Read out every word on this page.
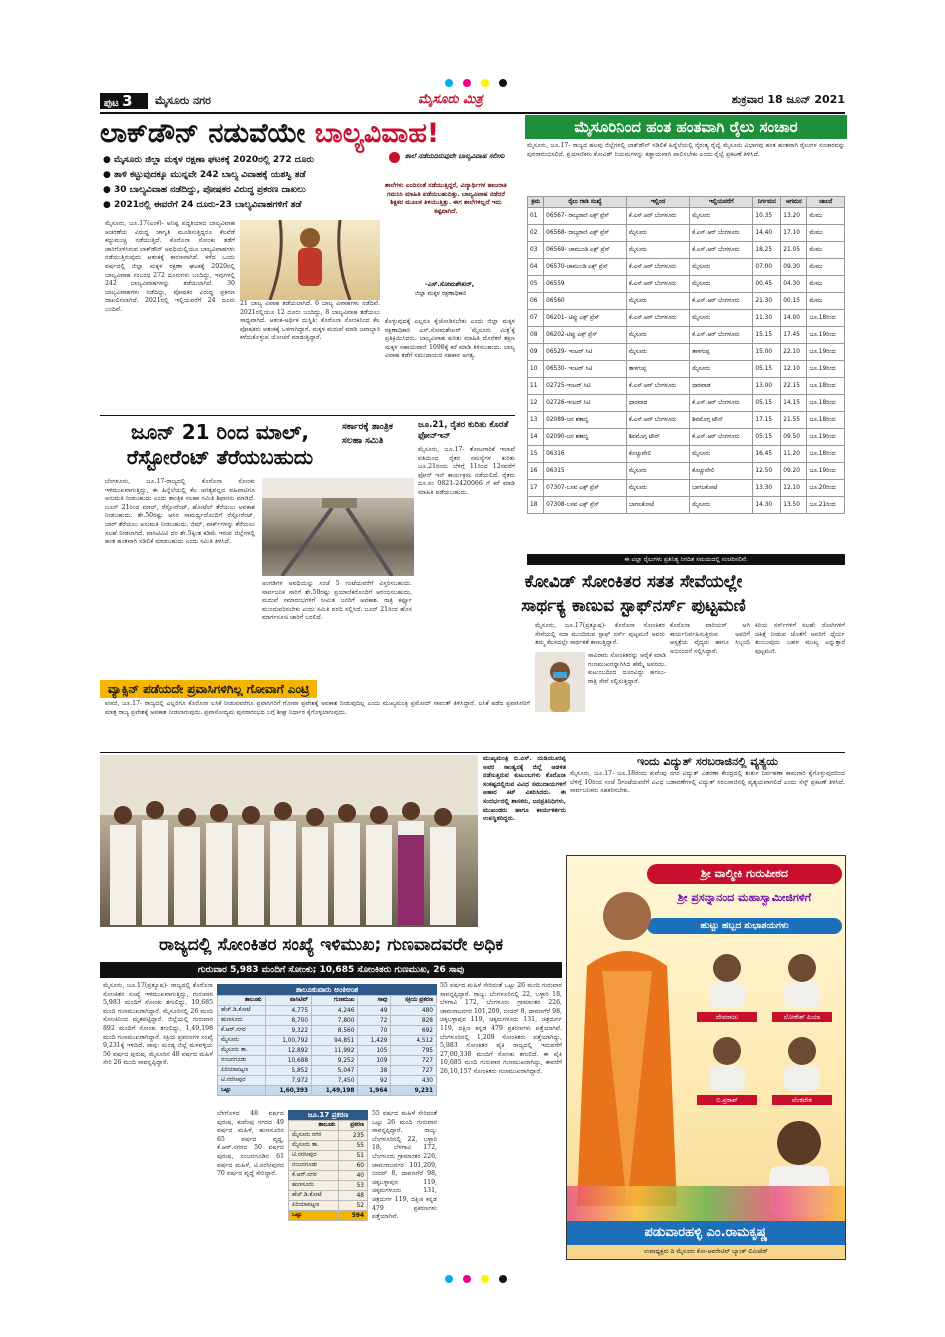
ಪುಟ 3	ಮೈಸೂರು ನಗರ	ಮೈಸೂರು ಮಿತ್ರ	ಶುಕ್ರವಾರ 18 ಜೂನ್ 2021
ಲಾಕ್‌ಡೌನ್ ನಡುವೆಯೇ ಬಾಲ್ಯವಿವಾಹ!
● ಮೈಸೂರು ಜಿಲ್ಲಾ ಮಕ್ಕಳ ರಕ್ಷಣಾ ಘಟಕಕ್ಕೆ 2020ರಲ್ಲಿ 272 ದೂರು
● ತಾಳಿ ಕಟ್ಟುವುದಕ್ಕೂ ಮುನ್ನವೇ 242 ಬಾಲ್ಯ ವಿವಾಹಕ್ಕೆ ಯಶಸ್ವಿ ತಡೆ
● 30 ಬಾಲ್ಯವಿವಾಹ ನಡೆದಿದ್ದು, ಪೋಷಕರ ವಿರುದ್ಧ ಪ್ರಕರಣ ದಾಖಲು
● 2021ರಲ್ಲಿ ಈವರೆಗೆ 24 ದೂರು-23 ಬಾಲ್ಯವಿವಾಹಗಳಿಗೆ ತಡೆ
ಮೈಸೂರು, ಜೂ.17(ಎಂಕೆ)- ಅನಿಷ್ಟ ಪದ್ಧತಿಯಾದ ಬಾಲ್ಯವಿವಾಹ ಆಚರಣೆಯ ವಿರುದ್ಧ ಜಾಗೃತಿ ಮೂಡಿಸುತ್ತಿದ್ದರೂ ಕೆಲವೆಡೆ ಕದ್ದುಮುಚ್ಚಿ ನಡೆಯುತ್ತಿದೆ. ಕೊರೊನಾ ಸೋಂಕು ತಡೆಗೆ ಜಾರಿಗೊಳಿಸಿರುವ ಲಾಕ್‌ಡೌನ್ ಅವಧಿಯಲ್ಲಿಯೂ ಬಾಲ್ಯವಿವಾಹಗಳು ನಡೆಯುತ್ತಿರುವುದು ಆತಂಕಕ್ಕೆ ಕಾರಣವಾಗಿದೆ. ಕಳೆದ ಒಂದು ವರ್ಷದಲ್ಲಿ ಜಿಲ್ಲಾ ಮಕ್ಕಳ ರಕ್ಷಣಾ ಘಟಕಕ್ಕೆ 2020ರಲ್ಲಿ ಬಾಲ್ಯವಿವಾಹ ಸಂಬಂಧ 272 ದೂರುಗಳು ಬಂದಿದ್ದು, ಇವುಗಳಲ್ಲಿ 242 ಬಾಲ್ಯವಿವಾಹಗಳನ್ನು ತಡೆಯಲಾಗಿದೆ. 30 ಬಾಲ್ಯವಿವಾಹಗಳು ನಡೆದಿದ್ದು, ಪೋಷಕರ ವಿರುದ್ಧ ಪ್ರಕರಣ ದಾಖಲಿಸಲಾಗಿದೆ. 2021ರಲ್ಲಿ ಇಲ್ಲಿಯವರೆಗೆ 24 ದೂರು ಬಂದಿವೆ.
21 ಬಾಲ್ಯ ವಿವಾಹ ತಡೆಯಲಾಗಿದೆ. 6 ಬಾಲ್ಯ ವಿವಾಹಗಳು ನಡೆದಿವೆ. 2021ರಲ್ಲಿಯೂ 12 ದೂರು ಬಂದಿದ್ದು, 8 ಬಾಲ್ಯವಿವಾಹ ತಡೆಯಲು ಸಾಧ್ಯವಾಗಿದೆ. ಆತಂಕ-ಅರ್ಥಿಕ ದುಸ್ಥಿತಿ: ಕೊರೊನಾ ಸೋಂಕಿನಿಂದ ಕೆಲ ಪೋಷಕರು ಆತಂಕಕ್ಕೆ ಒಳಗಾಗಿದ್ದಾರೆ. ಮಕ್ಕಳ ಮದುವೆ ಮಾಡಿ ಜವಾಬ್ದಾರಿ ಕಳೆದುಕೊಳ್ಳುವ ಯೋಚನೆ ಮಾಡುತ್ತಿದ್ದಾರೆ.
ಶಾಲೆ ನಡೆಯದಿರುವುದೇ ಬಾಲ್ಯವಿವಾಹ ಸಲೀಸು
ಶಾಲೆಗಳು ಎಂದಿನಂತೆ ನಡೆಯುತ್ತಿದ್ದರೆ, ವಿದ್ಯಾರ್ಥಿಗಳ ಹಾಜರಾತಿ ಗಮನಿಸಿ ಮಾಹಿತಿ ಪಡೆಯಬಹುದಿತ್ತು. ಬಾಲ್ಯವಿವಾಹ ನಡೆದರೆ ಶಿಕ್ಷಕರ ಮೂಲಕ ತಿಳಿಯುತ್ತಿತ್ತು. ಈಗ ಶಾಲೆಗಳಿಲ್ಲದೆ ಇದು ಕಷ್ಟವಾಗಿದೆ.
-ಎಸ್.ಸೋಮಶೇಖರ್,
ಜಿಲ್ಲಾ ಮಕ್ಕಳ ರಕ್ಷಣಾಧಿಕಾರಿ
ಕೊಳ್ಳುವುದಕ್ಕೆ ಎಲ್ಲರೂ ಕೈಜೋಡಿಸಬೇಕು ಎಂದು ಜಿಲ್ಲಾ ಮಕ್ಕಳ ರಕ್ಷಣಾಧಿಕಾರಿ ಎಸ್.ಸೋಮಶೇಖರ್ 'ಮೈಸೂರು ಮಿತ್ರ'ಕ್ಕೆ ಪ್ರತಿಕ್ರಿಯಿಸಿದರು. ಬಾಲ್ಯವಿವಾಹ ಕುರಿತು ಮಾಹಿತಿ ದೊರೆತರೆ ತಕ್ಷಣ ಮಕ್ಕಳ ಸಹಾಯವಾಣಿ 1098ಕ್ಕೆ ಕರೆ ಮಾಡಿ ತಿಳಿಸಬಹುದು. ಬಾಲ್ಯ ವಿವಾಹ ತಡೆಗೆ ಸಮುದಾಯದ ಸಹಕಾರ ಅಗತ್ಯ.
ಜೂನ್ 21 ರಿಂದ ಮಾಲ್,
ರೆಸ್ಟೋರೆಂಟ್ ತೆರೆಯಬಹುದು
ಸರ್ಕಾರಕ್ಕೆ ತಾಂತ್ರಿಕ ಸಲಹಾ ಸಮಿತಿ
ಬೆಂಗಳೂರು, ಜೂ.17-ರಾಜ್ಯದಲ್ಲಿ ಕೊರೊನಾ ಸೋಂಕು ಇಳಿಮುಖವಾಗುತ್ತಿದ್ದು, ಈ ಹಿನ್ನೆಲೆಯಲ್ಲಿ ಕೆಲ ಅಗತ್ಯವಲ್ಲದ ವಹಿವಾಟಿಗೂ ಅನುಮತಿ ನೀಡಬಹುದು ಎಂದು ತಾಂತ್ರಿಕ ಸಲಹಾ ಸಮಿತಿ ಶಿಫಾರಸು ಮಾಡಿದೆ. ಜೂನ್ 21ರಿಂದ ಮಾಲ್, ರೆಸ್ಟೋರೆಂಟ್, ಹೋಟೆಲ್ ತೆರೆಯಲು ಅವಕಾಶ ನೀಡಬಹುದು. ಶೇ.50ರಷ್ಟು ಆಸನ ಸಾಮರ್ಥ್ಯದೊಂದಿಗೆ ರೆಸ್ಟೋರೆಂಟ್, ಬಾರ್ ತೆರೆಯಲು ಅನುಮತಿ ನೀಡಬಹುದು. ಜಿಮ್, ಪಾರ್ಕ್‌ಗಳನ್ನು ತೆರೆಯಲು ಸಲಹೆ ನೀಡಲಾಗಿದೆ. ಪಾಸಿಟಿವಿಟಿ ದರ ಶೇ.5ಕ್ಕಿಂತ ಕಡಿಮೆ ಇರುವ ಜಿಲ್ಲೆಗಳಲ್ಲಿ ಹಂತ ಹಂತವಾಗಿ ಸಡಿಲಿಕೆ ಮಾಡಬಹುದು ಎಂದು ಸಮಿತಿ ತಿಳಿಸಿದೆ.
ಅಂಗಡಿಗಳ ಅವಧಿಯನ್ನು ಸಂಜೆ 5 ಗಂಟೆಯವರೆಗೆ ವಿಸ್ತರಿಸಬಹುದು. ಸಾರ್ವಜನಿಕ ಸಾರಿಗೆ ಶೇ.50ರಷ್ಟು ಪ್ರಯಾಣಿಕರೊಂದಿಗೆ ಆರಂಭಿಸಬಹುದು. ಮದುವೆ ಸಮಾರಂಭಗಳಿಗೆ ಸೀಮಿತ ಜನರಿಗೆ ಅವಕಾಶ. ರಾತ್ರಿ ಕರ್ಫ್ಯೂ ಮುಂದುವರಿಸಬೇಕು ಎಂದು ಸಮಿತಿ ವರದಿ ಸಲ್ಲಿಸಿದೆ. ಜೂನ್ 21ರಿಂದ ಹೊಸ ಮಾರ್ಗಸೂಚಿ ಜಾರಿಗೆ ಬರಲಿದೆ.
ಜೂ.21, ರೈತರ ಕುರಿತು ಕೊರತೆ ಫೋನ್‌ಇನ್
ಮೈಸೂರು, ಜೂ.17- ತೋಟಗಾರಿಕೆ ಇಲಾಖೆ ವತಿಯಿಂದ ರೈತರ ಸಮಸ್ಯೆಗಳ ಕುರಿತು ಜೂ.21ರಂದು ಬೆಳಿಗ್ಗೆ 11ರಿಂದ 12ರವರೆಗೆ ಫೋನ್ ಇನ್ ಕಾರ್ಯಕ್ರಮ ನಡೆಯಲಿದೆ. ರೈತರು ದೂ.ಸಂ 0821-2420066 ಗೆ ಕರೆ ಮಾಡಿ ಮಾಹಿತಿ ಪಡೆಯಬಹುದು.
ಮೈಸೂರಿನಿಂದ ಹಂತ ಹಂತವಾಗಿ ರೈಲು ಸಂಚಾರ
ಮೈಸೂರು, ಜೂ.17- ರಾಜ್ಯದ ಹಲವು ಜಿಲ್ಲೆಗಳಲ್ಲಿ ಲಾಕ್‌ಡೌನ್ ಸಡಿಲಿಕೆ ಹಿನ್ನೆಲೆಯಲ್ಲಿ ನೈರುತ್ಯ ರೈಲ್ವೆ ಮೈಸೂರು ವಿಭಾಗವು ಹಂತ ಹಂತವಾಗಿ ರೈಲುಗಳ ಸಂಚಾರವನ್ನು ಪುನರಾರಂಭಿಸಲಿದೆ. ಪ್ರಯಾಣಿಕರು ಕೋವಿಡ್ ನಿಯಮಗಳನ್ನು ಕಡ್ಡಾಯವಾಗಿ ಪಾಲಿಸಬೇಕು ಎಂದು ರೈಲ್ವೆ ಪ್ರಕಟಣೆ ತಿಳಿಸಿದೆ.
ಕ್ರಮ	ರೈಲು ಗಾಡಿ ಸಂಖ್ಯೆ	ಇಲ್ಲಿಂದ	ಇಲ್ಲಿಯವರೆಗೆ	ನಿರ್ಗಮನ	ಆಗಮನ	ಚಾಲನೆ
01	06567- ರಾಜ್ಯರಾಣಿ ಎಕ್ಸ್ ಪ್ರೆಸ್	ಕೆ.ಎಸ್.ಆರ್ ಬೆಂಗಳೂರು	ಮೈಸೂರು	10.35	13.20	ಮೆಮು
02	06568- ರಾಜ್ಯರಾಣಿ ಎಕ್ಸ್ ಪ್ರೆಸ್	ಮೈಸೂರು	ಕೆ.ಎಸ್.ಆರ್ ಬೆಂಗಳೂರು	14.40	17.10	ಮೆಮು
03	06569- ಚಾಮುಂಡಿ ಎಕ್ಸ್ ಪ್ರೆಸ್	ಮೈಸೂರು	ಕೆ.ಎಸ್.ಆರ್ ಬೆಂಗಳೂರು	18.25	21.05	ಮೆಮು
04	06570-ಚಾಮುಂಡಿ ಎಕ್ಸ್ ಪ್ರೆಸ್	ಕೆ.ಎಸ್.ಆರ್ ಬೆಂಗಳೂರು	ಮೈಸೂರು	07.00	09.30	ಮೆಮು
05	06559	ಕೆ.ಎಸ್.ಆರ್ ಬೆಂಗಳೂರು	ಮೈಸೂರು	00.45	04.30	ಮೆಮು
06	06560	ಮೈಸೂರು	ಕೆ.ಎಸ್.ಆರ್ ಬೆಂಗಳೂರು	21.30	00.15	ಮೆಮು
07	06201- ಟಿಪ್ಪು ಎಕ್ಸ್ ಪ್ರೆಸ್	ಕೆ.ಎಸ್.ಆರ್ ಬೆಂಗಳೂರು	ಮೈಸೂರು	11.30	14.00	ಜೂ.18ರಿಂದ
08	06202-ಟಿಪ್ಪು ಎಕ್ಸ್ ಪ್ರೆಸ್	ಮೈಸೂರು	ಕೆ.ಎಸ್.ಆರ್ ಬೆಂಗಳೂರು	15.15	17.45	ಜೂ.19ರಿಂದ
09	06529- ಇಂಟರ್ ಸಿಟಿ	ಮೈಸೂರು	ತಾಳಗುಪ್ಪ	15.00	22.10	ಜೂ.19ರಿಂದ
10	06530- ಇಂಟರ್ ಸಿಟಿ	ತಾಳಗುಪ್ಪ	ಮೈಸೂರು	05.15	12.10	ಜೂ.19ರಿಂದ
11	02725-ಇಂಟರ್ ಸಿಟಿ	ಕೆ.ಎಸ್.ಆರ್ ಬೆಂಗಳೂರು	ಧಾರವಾಡ	13.00	22.15	ಜೂ.18ರಿಂದ
12	02726-ಇಂಟರ್ ಸಿಟಿ	ಧಾರವಾಡ	ಕೆ.ಎಸ್.ಆರ್ ಬೆಂಗಳೂರು	05.15	14.15	ಜೂ.18ರಿಂದ
13	02089-ಜನ ಶತಾಬ್ದಿ	ಕೆ.ಎಸ್.ಆರ್ ಬೆಂಗಳೂರು	ಶಿವಮೊಗ್ಗ ಟೌನ್	17.15	21.55	ಜೂ.18ರಿಂದ
14	02090-ಜನ ಶತಾಬ್ದಿ	ಶಿವಮೊಗ್ಗ ಟೌನ್	ಕೆ.ಎಸ್.ಆರ್ ಬೆಂಗಳೂರು	05.15	09.50	ಜೂ.19ರಿಂದ
15	06316	ಕೊಚ್ಚುವೇಲಿ	ಮೈಸೂರು	16.45	11.20	ಜೂ.18ರಿಂದ
16	06315	ಮೈಸೂರು	ಕೊಚ್ಚುವೇಲಿ	12.50	09.20	ಜೂ.19ರಿಂದ
17	07307-ಬಸವ ಎಕ್ಸ್ ಪ್ರೆಸ್	ಮೈಸೂರು	ಬಾಗಲಕೋಟೆ	13.30	12.10	ಜೂ.20ರಿಂದ
18	07308-ಬಸವ ಎಕ್ಸ್ ಪ್ರೆಸ್	ಬಾಗಲಕೋಟೆ	ಮೈಸೂರು	14.30	13.50	ಜೂ.21ರಿಂದ
ಈ ಎಲ್ಲಾ ರೈಲುಗಳು ಪ್ರತಿನಿತ್ಯ ನಿಗದಿತ ಸಮಯದಲ್ಲಿ ಸಂಚರಿಸಲಿವೆ.
ಕೋವಿಡ್ ಸೋಂಕಿತರ ಸತತ ಸೇವೆಯಲ್ಲೇ
ಸಾರ್ಥಕ್ಯ ಕಾಣುವ ಸ್ಟಾಫ್‌ನರ್ಸ್ ಪುಟ್ಟಮಣಿ
ಮೈಸೂರು, ಜೂ.17(ಪ್ರತ್ಯೂಷ)- ಕೊರೊನಾ ಸೋಂಕಿತರ ಸೇವೆಯಲ್ಲಿ ಸದಾ ಮುಂದಿರುವ ಸ್ಟಾಫ್ ನರ್ಸ್ ಪುಟ್ಟಮಣಿ ಅವರು ತಮ್ಮ ಕೆಲಸದಲ್ಲೇ ಸಾರ್ಥಕತೆ ಕಾಣುತ್ತಿದ್ದಾರೆ.
ಸಾವಿರಾರು ಸೋಂಕಿತರನ್ನು ಆರೈಕೆ ಮಾಡಿ ಗುಣಮುಖರನ್ನಾಗಿಸಿದ ಹೆಮ್ಮೆ ಅವರದು. ಕುಟುಂಬದಿಂದ ದೂರವಿದ್ದು ಹಗಲು-ರಾತ್ರಿ ಸೇವೆ ಸಲ್ಲಿಸುತ್ತಿದ್ದಾರೆ.
ಕೊರೊನಾ ವಾರಿಯರ್ ಆಗಿ ಕಾರ್ಯನಿರ್ವಹಿಸುತ್ತಿರುವ ಅವರಿಗೆ ಆಸ್ಪತ್ರೆಯ ವೈದ್ಯರು ಹಾಗೂ ಸಿಬ್ಬಂದಿ ಅಭಿನಂದನೆ ಸಲ್ಲಿಸಿದ್ದಾರೆ.
ಕಿರಿಯ ನರ್ಸ್‌ಗಳಿಗೆ ಸಲಹೆ: ರೋಗಿಗಳಿಗೆ ಚಿಕಿತ್ಸೆ ನೀಡುವ ಜೊತೆಗೆ ಅವರಿಗೆ ಧೈರ್ಯ ತುಂಬುವುದು ಬಹಳ ಮುಖ್ಯ ಎನ್ನುತ್ತಾರೆ ಪುಟ್ಟಮಣಿ.
ವ್ಯಾಕ್ಸಿನ್ ಪಡೆಯದೇ ಪ್ರವಾಸಿಗಳಿಗಿಲ್ಲ ಗೋವಾಗೆ ಎಂಟ್ರಿ
ಪಣಜಿ, ಜೂ.17- ರಾಜ್ಯದಲ್ಲಿ ಎಲ್ಲರಿಗೂ ಕೊರೊನಾ ಲಸಿಕೆ ನೀಡುವವರೆಗೂ ಪ್ರವಾಸಿಗರಿಗೆ ಗೋವಾ ಪ್ರವೇಶಕ್ಕೆ ಅವಕಾಶ ನೀಡುವುದಿಲ್ಲ ಎಂದು ಮುಖ್ಯಮಂತ್ರಿ ಪ್ರಮೋದ್ ಸಾವಂತ್ ತಿಳಿಸಿದ್ದಾರೆ. ಲಸಿಕೆ ಪಡೆದ ಪ್ರವಾಸಿಗರಿಗೆ ಮಾತ್ರ ರಾಜ್ಯ ಪ್ರವೇಶಕ್ಕೆ ಅವಕಾಶ ನೀಡಲಾಗುವುದು. ಪ್ರವಾಸೋದ್ಯಮ ಪುನರಾರಂಭದ ಬಗ್ಗೆ ಶೀಘ್ರ ನಿರ್ಧಾರ ಕೈಗೊಳ್ಳಲಾಗುವುದು.
ಮುಖ್ಯಮಂತ್ರಿ ಬಿ.ಎಸ್. ಯಡಿಯೂರಪ್ಪ ಅವರ ಸಾಂತ್ವನಕ್ಕೆ ಜಿಲ್ಲೆ ಆಡಳಿತ ನಡೆಸುತ್ತಿರುವ ಕುಟುಂಬಗಳು ಕೊರೊನಾ ಸಂಕಷ್ಟದಲ್ಲಿರುವ ವಿವಿಧ ಸಮುದಾಯಗಳಿಗೆ ಆಹಾರ ಕಿಟ್ ವಿತರಿಸಿದರು. ಈ ಸಂದರ್ಭದಲ್ಲಿ ಶಾಸಕರು, ಜನಪ್ರತಿನಿಧಿಗಳು, ಮುಖಂಡರು ಹಾಗೂ ಕಾರ್ಯಕರ್ತರು ಉಪಸ್ಥಿತರಿದ್ದರು.
ಇಂದು ವಿದ್ಯುತ್ ಸರಬರಾಜಿನಲ್ಲಿ ವ್ಯತ್ಯಯ
ಮೈಸೂರು, ಜೂ.17- ಜೂ.18ರಂದು ಕುವೆಂಪು ನಗರ ವಿದ್ಯುತ್ ವಿತರಣಾ ಕೇಂದ್ರದಲ್ಲಿ ತುರ್ತು ನಿರ್ವಹಣಾ ಕಾಮಗಾರಿ ಕೈಗೊಳ್ಳುವುದರಿಂದ ಬೆಳಿಗ್ಗೆ 10ರಿಂದ ಸಂಜೆ 5ಗಂಟೆಯವರೆಗೆ ವಿವಿಧ ಬಡಾವಣೆಗಳಲ್ಲಿ ವಿದ್ಯುತ್ ಸರಬರಾಜಿನಲ್ಲಿ ವ್ಯತ್ಯಯವಾಗಲಿದೆ ಎಂದು ಸೆಸ್ಕ್ ಪ್ರಕಟಣೆ ತಿಳಿಸಿದೆ. ಸಾರ್ವಜನಿಕರು ಸಹಕರಿಸಬೇಕು.
ರಾಜ್ಯದಲ್ಲಿ ಸೋಂಕಿತರ ಸಂಖ್ಯೆ ಇಳಿಮುಖ; ಗುಣವಾದವರೇ ಅಧಿಕ
ಗುರುವಾರ 5,983 ಮಂದಿಗೆ ಸೋಂಕು; 10,685 ಸೋಂಕಿತರು ಗುಣಮುಖ, 26 ಸಾವು
ಮೈಸೂರು, ಜೂ.17(ಪ್ರತ್ಯೂಷ)- ರಾಜ್ಯದಲ್ಲಿ ಕೊರೊನಾ ಸೋಂಕಿತರ ಸಂಖ್ಯೆ ಇಳಿಮುಖವಾಗುತ್ತಿದ್ದು, ಗುರುವಾರ 5,983 ಮಂದಿಗೆ ಸೋಂಕು ತಗುಲಿದ್ದು, 10,685 ಮಂದಿ ಗುಣಮುಖರಾಗಿದ್ದಾರೆ. ಮೈಸೂರಿನಲ್ಲಿ 26 ಮಂದಿ ಸೋಂಕಿನಿಂದ ಮೃತಪಟ್ಟಿದ್ದಾರೆ. ಜಿಲ್ಲೆಯಲ್ಲಿ ಗುರುವಾರ 892 ಮಂದಿಗೆ ಸೋಂಕು ತಗುಲಿದ್ದು, 1,49,198 ಮಂದಿ ಗುಣಮುಖರಾಗಿದ್ದಾರೆ. ಸಕ್ರಿಯ ಪ್ರಕರಣಗಳ ಸಂಖ್ಯೆ 9,231ಕ್ಕೆ ಇಳಿದಿದೆ. ಸಾವು: ಮಂಡ್ಯ ಜಿಲ್ಲೆ ಮಳವಳ್ಳಿಯ 56 ವರ್ಷದ ಪುರುಷ, ಮೈಸೂರಿನ 48 ವರ್ಷದ ಮಹಿಳೆ ಸೇರಿ 26 ಮಂದಿ ಸಾವನ್ನಪ್ಪಿದ್ದಾರೆ.
ತಾಲೂಕುವಾರು ಅಂಕಿಅಂಶ
ತಾಲೂಕು	ಪಾಸಿಟಿವ್	ಗುಣಮುಖ	ಸಾವು	ಸಕ್ರಿಯ ಪ್ರಕರಣ
ಹೆಚ್.ಡಿ.ಕೋಟೆ	4,775	4,246	49	480
ಹುಣಸೂರು	8,700	7,800	72	828
ಕೆ.ಆರ್.ನಗರ	9,322	8,560	70	692
ಮೈಸೂರು	1,00,792	94,851	1,429	4,512
ಮೈಸೂರು ತಾ.	12,892	11,992	105	795
ನಂಜನಗೂಡು	10,688	9,252	109	727
ಪಿರಿಯಾಪಟ್ಟಣ	5,852	5,047	38	727
ಟಿ.ನರಸೀಪುರ	7,972	7,450	92	430
ಒಟ್ಟು	1,60,393	1,49,198	1,964	9,231
ಬೆಳಗೊಳದ 48 ವರ್ಷದ ಪುರುಷ, ಕುವೆಂಪು ನಗರದ 49 ವರ್ಷದ ಮಹಿಳೆ, ಹುಣಸೂರಿನ 65 ವರ್ಷದ ವೃದ್ಧ, ಕೆ.ಆರ್.ನಗರದ 50 ವರ್ಷದ ಪುರುಷ, ನಂಜನಗೂಡಿನ 61 ವರ್ಷದ ಮಹಿಳೆ, ಟಿ.ನರಸೀಪುರದ 70 ವರ್ಷದ ವೃದ್ಧೆ ಸೇರಿದ್ದಾರೆ.
ಜೂ.17 ಪ್ರಕರಣ
ತಾಲೂಕು	ಪ್ರಕರಣ
ಮೈಸೂರು ನಗರ	235
ಮೈಸೂರು ತಾ.	55
ಟಿ.ನರಸೀಪುರ	51
ನಂಜನಗೂಡು	60
ಕೆ.ಆರ್.ನಗರ	40
ಹುಣಸೂರು	53
ಹೆಚ್.ಡಿ.ಕೋಟೆ	48
ಪಿರಿಯಾಪಟ್ಟಣ	52
ಒಟ್ಟು	594
55 ವರ್ಷದ ಮಹಿಳೆ ಸೇರಿದಂತೆ ಒಟ್ಟು 26 ಮಂದಿ ಗುರುವಾರ ಸಾವನ್ನಪ್ಪಿದ್ದಾರೆ. ರಾಜ್ಯ: ಬೆಂಗಳೂರಿನಲ್ಲಿ 22, ಬಳ್ಳಾರಿ 18, ಬೆಳಗಾವಿ 172, ಬೆಂಗಳೂರು ಗ್ರಾಮಾಂತರ 226, ಚಾಮರಾಜನಗರ 101,209, ಬೀದರ್ 8, ದಾವಣಗೆರೆ 98, ಚಿಕ್ಕಬಳ್ಳಾಪುರ 119, ಚಿಕ್ಕಮಗಳೂರು 131, ಚಿತ್ರದುರ್ಗ 119, ದಕ್ಷಿಣ ಕನ್ನಡ 479 ಪ್ರಕರಣಗಳು ಪತ್ತೆಯಾಗಿವೆ.
55 ವರ್ಷದ ಮಹಿಳೆ ಸೇರಿದಂತೆ ಒಟ್ಟು 26 ಮಂದಿ ಗುರುವಾರ ಸಾವನ್ನಪ್ಪಿದ್ದಾರೆ. ರಾಜ್ಯ: ಬೆಂಗಳೂರಿನಲ್ಲಿ 22, ಬಳ್ಳಾರಿ 18, ಬೆಳಗಾವಿ 172, ಬೆಂಗಳೂರು ಗ್ರಾಮಾಂತರ 226, ಚಾಮರಾಜನಗರ 101,209, ಬೀದರ್ 8, ದಾವಣಗೆರೆ 98, ಚಿಕ್ಕಬಳ್ಳಾಪುರ 119, ಚಿಕ್ಕಮಗಳೂರು 131, ಚಿತ್ರದುರ್ಗ 119, ದಕ್ಷಿಣ ಕನ್ನಡ 479 ಪ್ರಕರಣಗಳು ಪತ್ತೆಯಾಗಿವೆ. ಬೆಂಗಳೂರಿನಲ್ಲಿ 1,209 ಸೋಂಕಿತರು ಪತ್ತೆಯಾಗಿದ್ದು, 5,983 ಸೋಂಕಿತರ ಪೈಕಿ ರಾಜ್ಯದಲ್ಲಿ ಇದುವರೆಗೆ 27,00,338 ಮಂದಿಗೆ ಸೋಂಕು ತಗುಲಿದೆ. ಈ ಪೈಕಿ 10,685 ಮಂದಿ ಗುರುವಾರ ಗುಣಮುಖರಾಗಿದ್ದು, ಈವರೆಗೆ 26,10,157 ಸೋಂಕಿತರು ಗುಣಮುಖರಾಗಿದ್ದಾರೆ.
ಶ್ರೀ ವಾಲ್ಮೀಕಿ ಗುರುಪೀಠದ
ಶ್ರೀ ಪ್ರಸನ್ನಾನಂದ ಮಹಾಸ್ವಾಮೀಜಿಗಳಿಗೆ
ಹುಟ್ಟು ಹಬ್ಬದ ಶುಭಾಶಯಗಳು
ದೇವರಾಜು	ಲೋಕೇಶ್ ಪಿಯಾ
ಬಿ.ಪ್ರಕಾಶ್	ವೆಂಕಟೇಶ
ಪಡುವಾರಹಳ್ಳಿ ಎಂ.ರಾಮಕೃಷ್ಣ
ಉಪಾಧ್ಯಕ್ಷರು ದಿ ಮೈಸೂರು ಕೋ-ಆಪರೇಟಿವ್ ಬ್ಯಾಂಕ್ ಲಿಮಿಟೆಡ್
